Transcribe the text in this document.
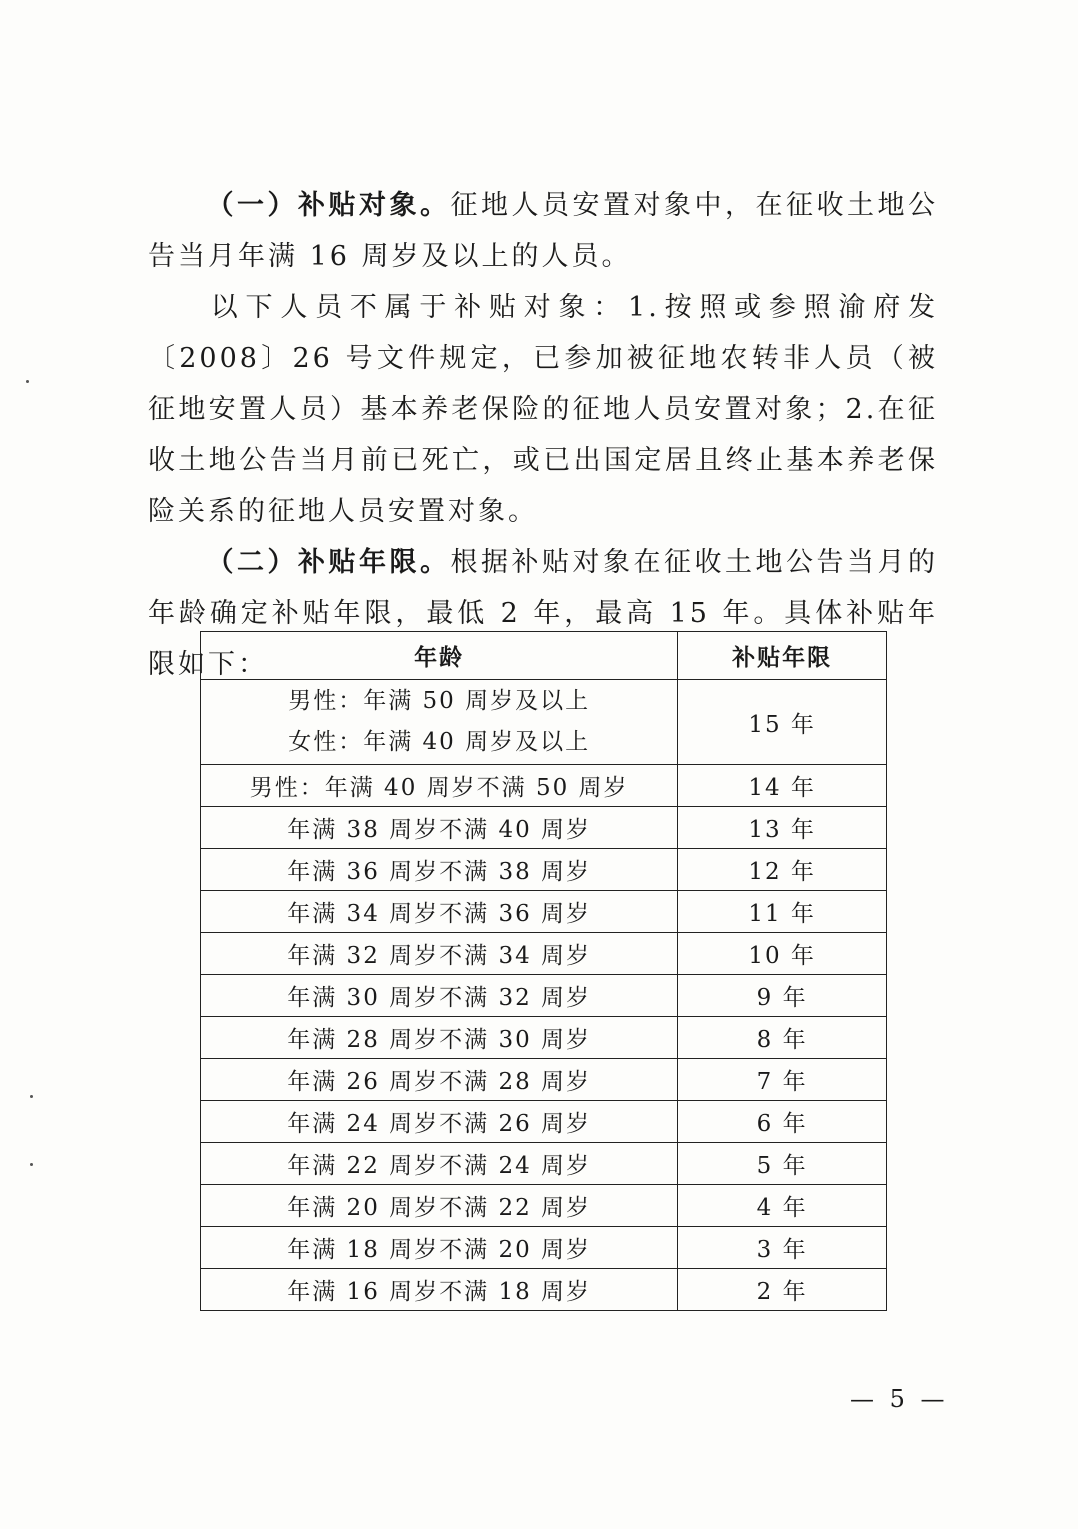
（一）补贴对象。征地人员安置对象中，在征收土地公告当月年满 16 周岁及以上的人员。

以下人员不属于补贴对象：1.按照或参照渝府发〔2008〕26 号文件规定，已参加被征地农转非人员（被征地安置人员）基本养老保险的征地人员安置对象；2.在征收土地公告当月前已死亡，或已出国定居且终止基本养老保险关系的征地人员安置对象。

（二）补贴年限。根据补贴对象在征收土地公告当月的年龄确定补贴年限，最低 2 年，最高 15 年。具体补贴年限如下：	年龄	补贴年限

男性：年满 50 周岁及以上
女性：年满 40 周岁及以上	15 年
男性：年满 40 周岁不满 50 周岁	14 年
年满 38 周岁不满 40 周岁	13 年
年满 36 周岁不满 38 周岁	12 年
年满 34 周岁不满 36 周岁	11 年
年满 32 周岁不满 34 周岁	10 年
年满 30 周岁不满 32 周岁	9 年
年满 28 周岁不满 30 周岁	8 年
年满 26 周岁不满 28 周岁	7 年
年满 24 周岁不满 26 周岁	6 年
年满 22 周岁不满 24 周岁	5 年
年满 20 周岁不满 22 周岁	4 年
年满 18 周岁不满 20 周岁	3 年
年满 16 周岁不满 18 周岁	2 年
— 5 —
